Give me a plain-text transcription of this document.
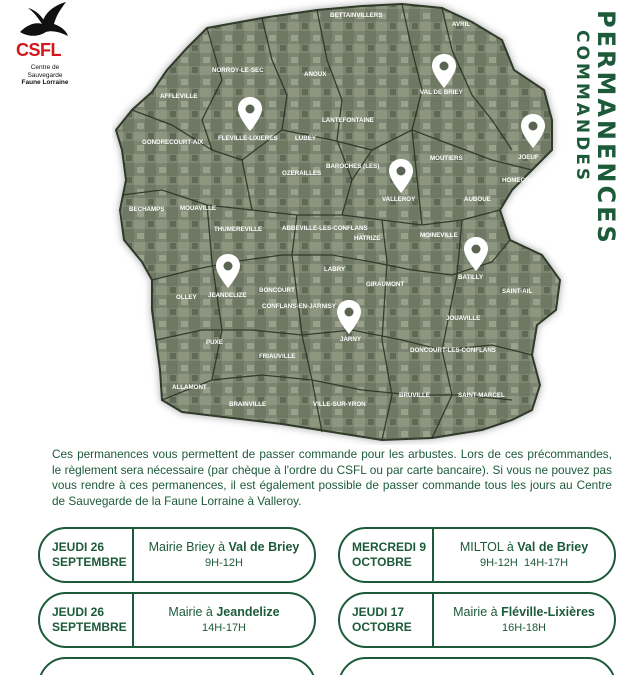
CSFL
Centre de Sauvegarde
Faune Lorraine	PERMANENCES
COMMANDES
BETTAINVILLERS
AVRIL
NORROY-LE-SEC
ANOUX
VAL DE BRIEY
AFFLEVILLE
FLEVILLE-LIXIERES
LANTEFONTAINE
LUBEY
JOEUF
GONDRECOURT-AIX
MOUTIERS
BAROCHES (LES)
OZERAILLES
HOMECOURT
VALLEROY	AUBOUE
BECHAMPS	MOUAVILLE
THUMEREVILLE	ABBEVILLE-LES-CONFLANS
HATRIZE	MOINEVILLE
BATILLY
LABRY
JEANDELIZE
BONCOURT
GIRAUMONT
SAINT-AIL
OLLEY
CONFLANS-EN-JARNISY
JOUAVILLE
JARNY
PUXE
DONCOURT-LES-CONFLANS
FRIAUVILLE
ALLAMONT
BRAINVILLE	VILLE-SUR-YRON
BRUVILLE	SAINT-MARCEL

Ces permanences vous permettent de passer commande pour les arbustes. Lors de ces précommandes, le règlement sera nécessaire (par chèque à l'ordre du CSFL ou par carte bancaire). Si vous ne pouvez pas vous rendre à ces permanences, il est également possible de passer commande tous les jours au Centre de Sauvegarde de la Faune Lorraine à Valleroy.

JEUDI 26
SEPTEMBRE
Mairie Briey à Val de Briey
9H-12H
MERCREDI 9
OCTOBRE
MILTOL à Val de Briey
9H-12H  14H-17H
JEUDI 26
SEPTEMBRE
Mairie à Jeandelize
14H-17H
JEUDI 17
OCTOBRE
Mairie à Fléville-Lixières
16H-18H
